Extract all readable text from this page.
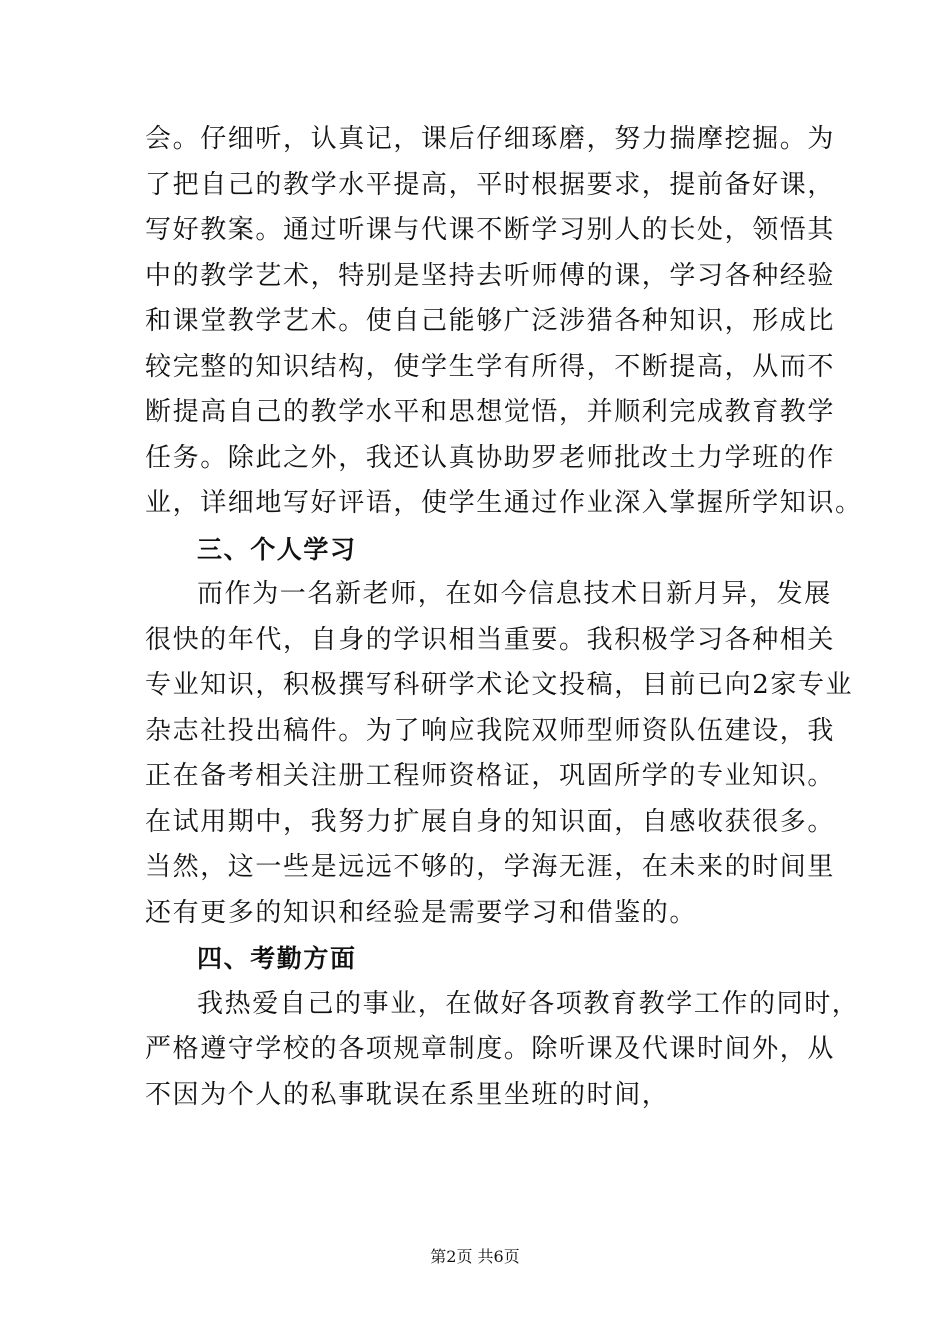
会。仔细听，认真记，课后仔细琢磨，努力揣摩挖掘。为
了把自己的教学水平提高，平时根据要求，提前备好课，
写好教案。通过听课与代课不断学习别人的长处，领悟其
中的教学艺术，特别是坚持去听师傅的课，学习各种经验
和课堂教学艺术。使自己能够广泛涉猎各种知识，形成比
较完整的知识结构，使学生学有所得，不断提高，从而不
断提高自己的教学水平和思想觉悟，并顺利完成教育教学
任务。除此之外，我还认真协助罗老师批改土力学班的作
业，详细地写好评语，使学生通过作业深入掌握所学知识。
三、个人学习
而作为一名新老师，在如今信息技术日新月异，发展
很快的年代，自身的学识相当重要。我积极学习各种相关
专业知识，积极撰写科研学术论文投稿，目前已向2家专业
杂志社投出稿件。为了响应我院双师型师资队伍建设，我
正在备考相关注册工程师资格证，巩固所学的专业知识。
在试用期中，我努力扩展自身的知识面，自感收获很多。
当然，这一些是远远不够的，学海无涯，在未来的时间里
还有更多的知识和经验是需要学习和借鉴的。
四、考勤方面
我热爱自己的事业，在做好各项教育教学工作的同时，
严格遵守学校的各项规章制度。除听课及代课时间外，从
不因为个人的私事耽误在系里坐班的时间，
第2页 共6页
